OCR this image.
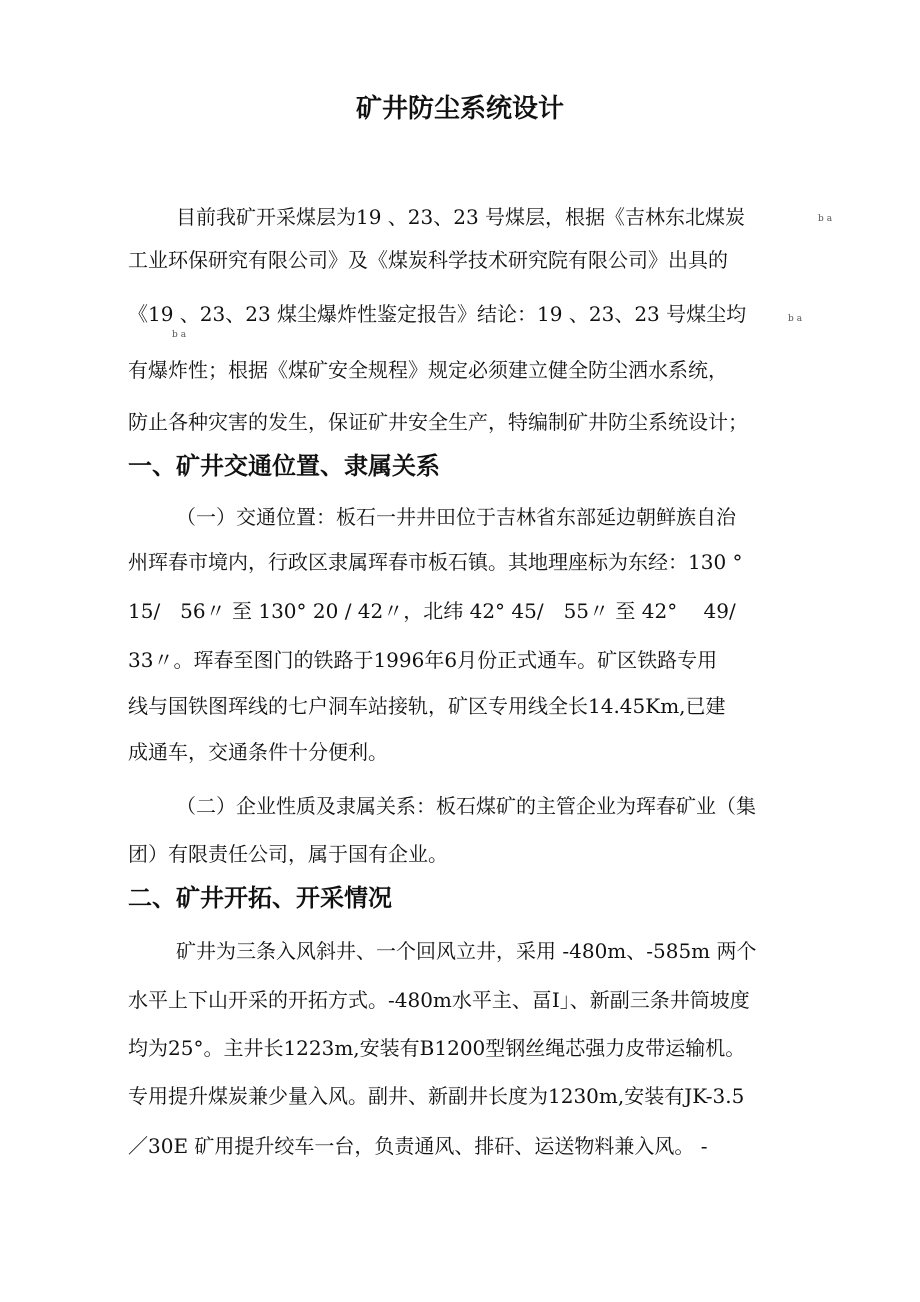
矿井防尘系统设计
目前我矿开采煤层为19 、23、23 号煤层，根据《吉林东北煤炭	ba
工业环保研究有限公司》及《煤炭科学技术研究院有限公司》出具的
《19 、23、23 煤尘爆炸性鉴定报告》结论：19 、23、23 号煤尘均	ba
ba
有爆炸性；根据《煤矿安全规程》规定必须建立健全防尘洒水系统，
防止各种灾害的发生，保证矿井安全生产，特编制矿井防尘系统设计；
一、矿井交通位置、隶属关系
（一）交通位置：板石一井井田位于吉林省东部延边朝鲜族自治
州珲春市境内，行政区隶属珲春市板石镇。其地理座标为东经：130 °
15/　56〃 至 130° 20 / 42〃，北纬 42° 45/　55〃 至 42°　 49/
33〃。珲春至图门的铁路于1996年6月份正式通车。矿区铁路专用
线与国铁图珲线的七户洞车站接轨，矿区专用线全长14.45Km,已建
成通车，交通条件十分便利。
（二）企业性质及隶属关系：板石煤矿的主管企业为珲春矿业（集
团）有限责任公司，属于国有企业。
二、矿井开拓、开采情况
矿井为三条入风斜井、一个回风立井，采用 -480m、-585m 两个
水平上下山开采的开拓方式。-480m水平主、畐I」、新副三条井筒坡度
均为25°。主井长1223m,安装有B1200型钢丝绳芯强力皮带运输机。
专用提升煤炭兼少量入风。副井、新副井长度为1230m,安装有JK-3.5
／30E 矿用提升绞车一台，负责通风、排矸、运送物料兼入风。 -
